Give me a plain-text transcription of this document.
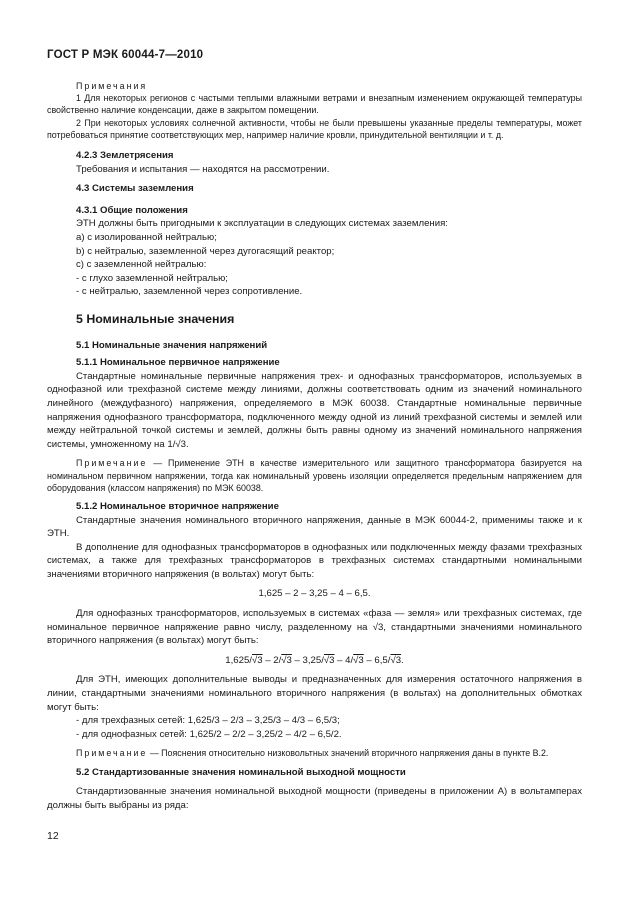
ГОСТ Р МЭК 60044-7—2010

Примечания

1 Для некоторых регионов с частыми теплыми влажными ветрами и внезапным изменением окружающей температуры свойственно наличие конденсации, даже в закрытом помещении.

2 При некоторых условиях солнечной активности, чтобы не были превышены указанные пределы температуры, может потребоваться принятие соответствующих мер, например наличие кровли, принудительной вентиляции и т. д.

4.2.3 Землетрясения

Требования и испытания — находятся на рассмотрении.

4.3 Системы заземления

4.3.1 Общие положения

ЭТН должны быть пригодными к эксплуатации в следующих системах заземления:

а) с изолированной нейтралью;

b) с нейтралью, заземленной через дугогасящий реактор;

c) с заземленной нейтралью:

- с глухо заземленной нейтралью;

- с нейтралью, заземленной через сопротивление.

5 Номинальные значения

5.1 Номинальные значения напряжений

5.1.1 Номинальное первичное напряжение

Стандартные номинальные первичные напряжения трех- и однофазных трансформаторов, используемых в однофазной или трехфазной системе между линиями, должны соответствовать одним из значений номинального линейного (междуфазного) напряжения, определяемого в МЭК 60038. Стандартные номинальные первичные напряжения однофазного трансформатора, подключенного между одной из линий трехфазной системы и землей или между нейтральной точкой системы и землей, должны быть равны одному из значений номинального напряжения системы, умноженному на 1/√3.

Примечание — Применение ЭТН в качестве измерительного или защитного трансформатора базируется на номинальном первичном напряжении, тогда как номинальный уровень изоляции определяется предельным напряжением для оборудования (классом напряжения) по МЭК 60038.

5.1.2 Номинальное вторичное напряжение

Стандартные значения номинального вторичного напряжения, данные в МЭК 60044-2, применимы также и к ЭТН.

В дополнение для однофазных трансформаторов в однофазных или подключенных между фазами трехфазных системах, а также для трехфазных трансформаторов в трехфазных системах стандартными номинальными значениями вторичного напряжения (в вольтах) могут быть:

1,625 – 2 – 3,25 – 4 – 6,5.

Для однофазных трансформаторов, используемых в системах «фаза — земля» или трехфазных системах, где номинальное первичное напряжение равно числу, разделенному на √3, стандартными значениями номинального вторичного напряжения (в вольтах) могут быть:

1,625/√3 – 2/√3 – 3,25/√3 – 4/√3 – 6,5/√3.

Для ЭТН, имеющих дополнительные выводы и предназначенных для измерения остаточного напряжения в линии, стандартными значениями номинального вторичного напряжения (в вольтах) на дополнительных обмотках могут быть:

- для трехфазных сетей: 1,625/3 – 2/3 – 3,25/3 – 4/3 – 6,5/3;

- для однофазных сетей: 1,625/2 – 2/2 – 3,25/2 – 4/2 – 6,5/2.

Примечание — Пояснения относительно низковольтных значений вторичного напряжения даны в пункте В.2.

5.2 Стандартизованные значения номинальной выходной мощности

Стандартизованные значения номинальной выходной мощности (приведены в приложении А) в вольтамперах должны быть выбраны из ряда:

12
